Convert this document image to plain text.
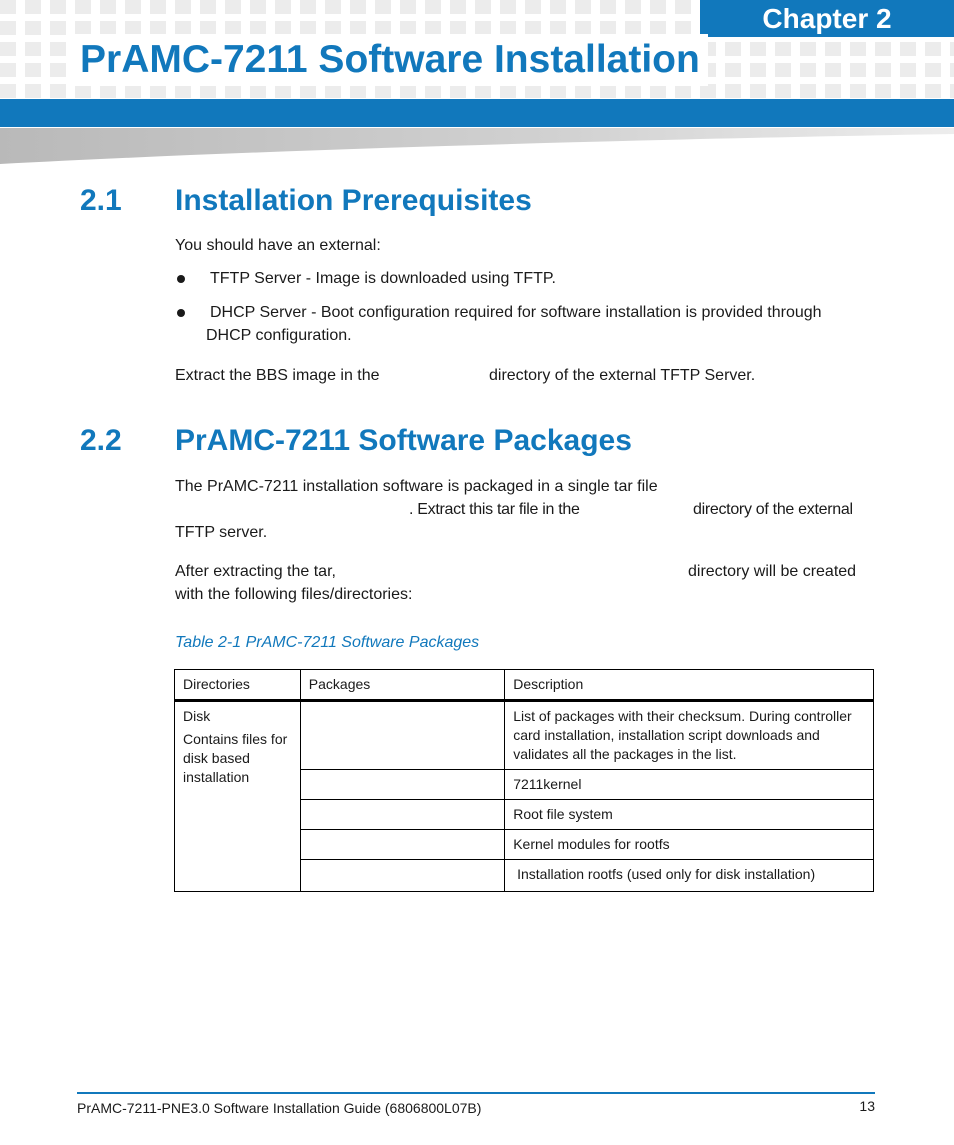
Chapter 2
PrAMC-7211 Software Installation
2.1 Installation Prerequisites
You should have an external:
TFTP Server - Image is downloaded using TFTP.
DHCP Server - Boot configuration required for software installation is provided through
DHCP configuration.
Extract the BBS image in the	directory of the external TFTP Server.
2.2 PrAMC-7211 Software Packages
The PrAMC-7211 installation software is packaged in a single tar file
. Extract this tar file in the	directory of the external
TFTP server.
After extracting the tar,	directory will be created
with the following files/directories:
Table 2-1 PrAMC-7211 Software Packages
Directories	Packages	Description

Disk
Contains files for disk based installation		List of packages with their checksum. During controller card installation, installation script downloads and validates all the packages in the list.
		7211kernel
		Root file system
		Kernel modules for rootfs
		Installation rootfs (used only for disk installation)
PrAMC-7211-PNE3.0 Software Installation Guide (6806800L07B)	13
